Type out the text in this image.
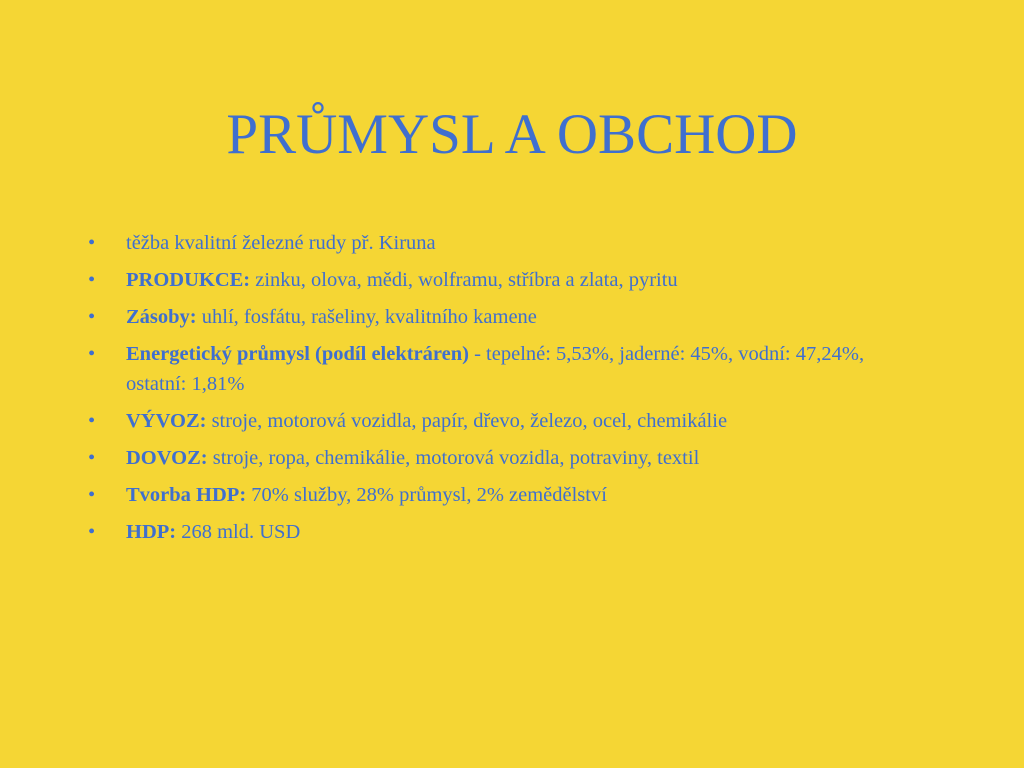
PRŮMYSL A OBCHOD
•	těžba kvalitní železné rudy př. Kiruna
•	PRODUKCE: zinku, olova, mědi, wolframu, stříbra a zlata, pyritu
•	Zásoby: uhlí, fosfátu, rašeliny, kvalitního kamene
•	Energetický průmysl (podíl elektráren) - tepelné: 5,53%, jaderné: 45%, vodní: 47,24%, ostatní: 1,81%
•	VÝVOZ: stroje, motorová vozidla, papír, dřevo, železo, ocel, chemikálie
•	DOVOZ: stroje, ropa, chemikálie, motorová vozidla, potraviny, textil
•	Tvorba HDP: 70% služby, 28% průmysl, 2% zemědělství
•	HDP: 268 mld. USD
